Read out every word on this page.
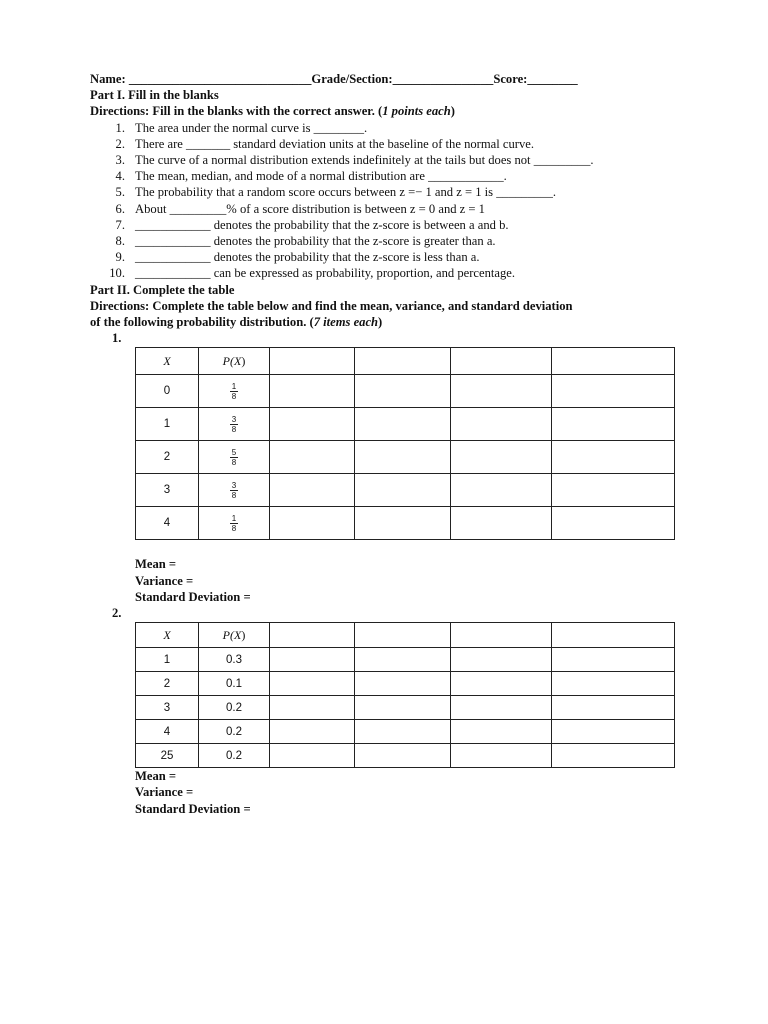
Name: _____________________________Grade/Section:________________Score:________
Part I. Fill in the blanks
Directions: Fill in the blanks with the correct answer. (1 points each)
1. The area under the normal curve is ________.
2. There are _______ standard deviation units at the baseline of the normal curve.
3. The curve of a normal distribution extends indefinitely at the tails but does not _________.
4. The mean, median, and mode of a normal distribution are ____________.
5. The probability that a random score occurs between z =− 1 and z = 1 is _________.
6. About _________% of a score distribution is between z = 0 and z = 1
7. ____________ denotes the probability that the z-score is between a and b.
8. ____________ denotes the probability that the z-score is greater than a.
9. ____________ denotes the probability that the z-score is less than a.
10. ____________ can be expressed as probability, proportion, and percentage.
Part II. Complete the table
Directions: Complete the table below and find the mean, variance, and standard deviation
of the following probability distribution. (7 items each)
1.
X	P(X)				
0	$\frac{1}{8}$

1	$\frac{3}{8}$

2	$\frac{5}{8}$

3	$\frac{3}{8}$

4	$\frac{1}{8}$

Mean =
Variance =
Standard Deviation =
2.
X	P(X)				
1	0.3				
2	0.1				
3	0.2				
4	0.2				
25	0.2				
Mean =
Variance =
Standard Deviation =
